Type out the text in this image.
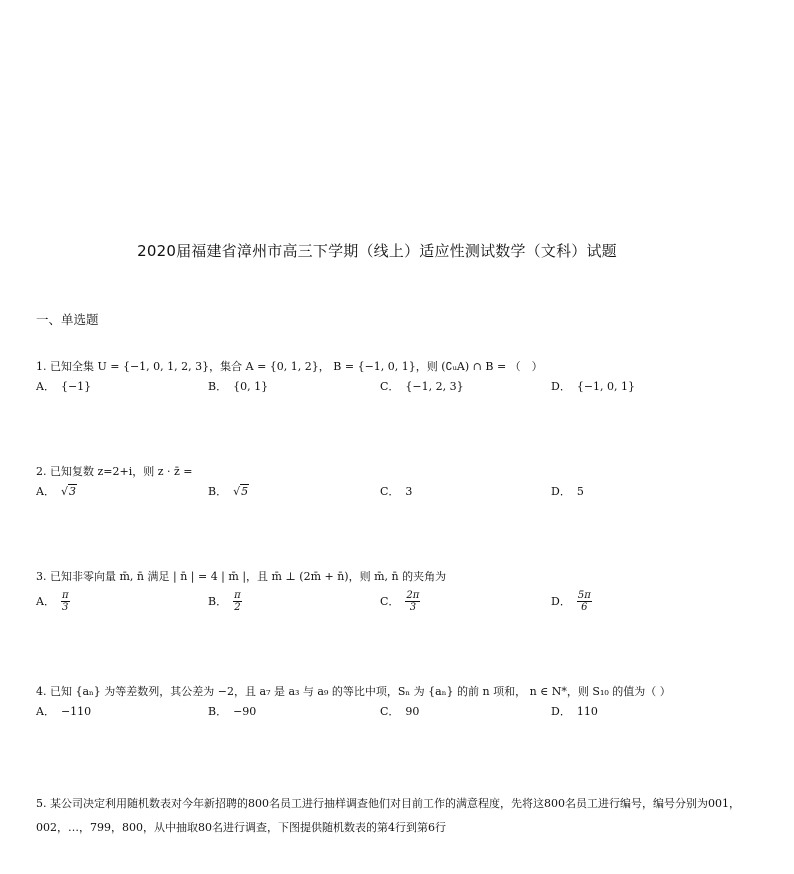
2020届福建省漳州市高三下学期（线上）适应性测试数学（文科）试题
一、单选题
1. 已知全集 U = {−1, 0, 1, 2, 3}，集合 A = {0, 1, 2}， B = {−1, 0, 1}，则 (∁ᵤA) ∩ B = （　）
A． {−1}	B． {0, 1}	C． {−1, 2, 3}	D． {−1, 0, 1}
2. 已知复数 z=2+i，则 z · z̄ =
A． √3	B． √5	C． 3	D． 5
3. 已知非零向量 m̄, n̄ 满足 | n̄ | = 4 | m̄ |，且 m̄ ⊥ (2m̄ + n̄)，则 m̄, n̄ 的夹角为
A． $\frac{\pi}{3}$	B． $\frac{\pi}{2}$	C． $\frac{2\pi}{3}$	D． $\frac{5\pi}{6}$
4. 已知 {aₙ} 为等差数列，其公差为 −2，且 a₇ 是 a₃ 与 a₉ 的等比中项，Sₙ 为 {aₙ} 的前 n 项和， n ∈ N*，则 S₁₀ 的值为（ ）
A． −110	B． −90	C． 90	D． 110
5. 某公司决定利用随机数表对今年新招聘的800名员工进行抽样调查他们对目前工作的满意程度，先将这800名员工进行编号，编号分别为001，
002，…，799，800，从中抽取80名进行调查，下图提供随机数表的第4行到第6行
